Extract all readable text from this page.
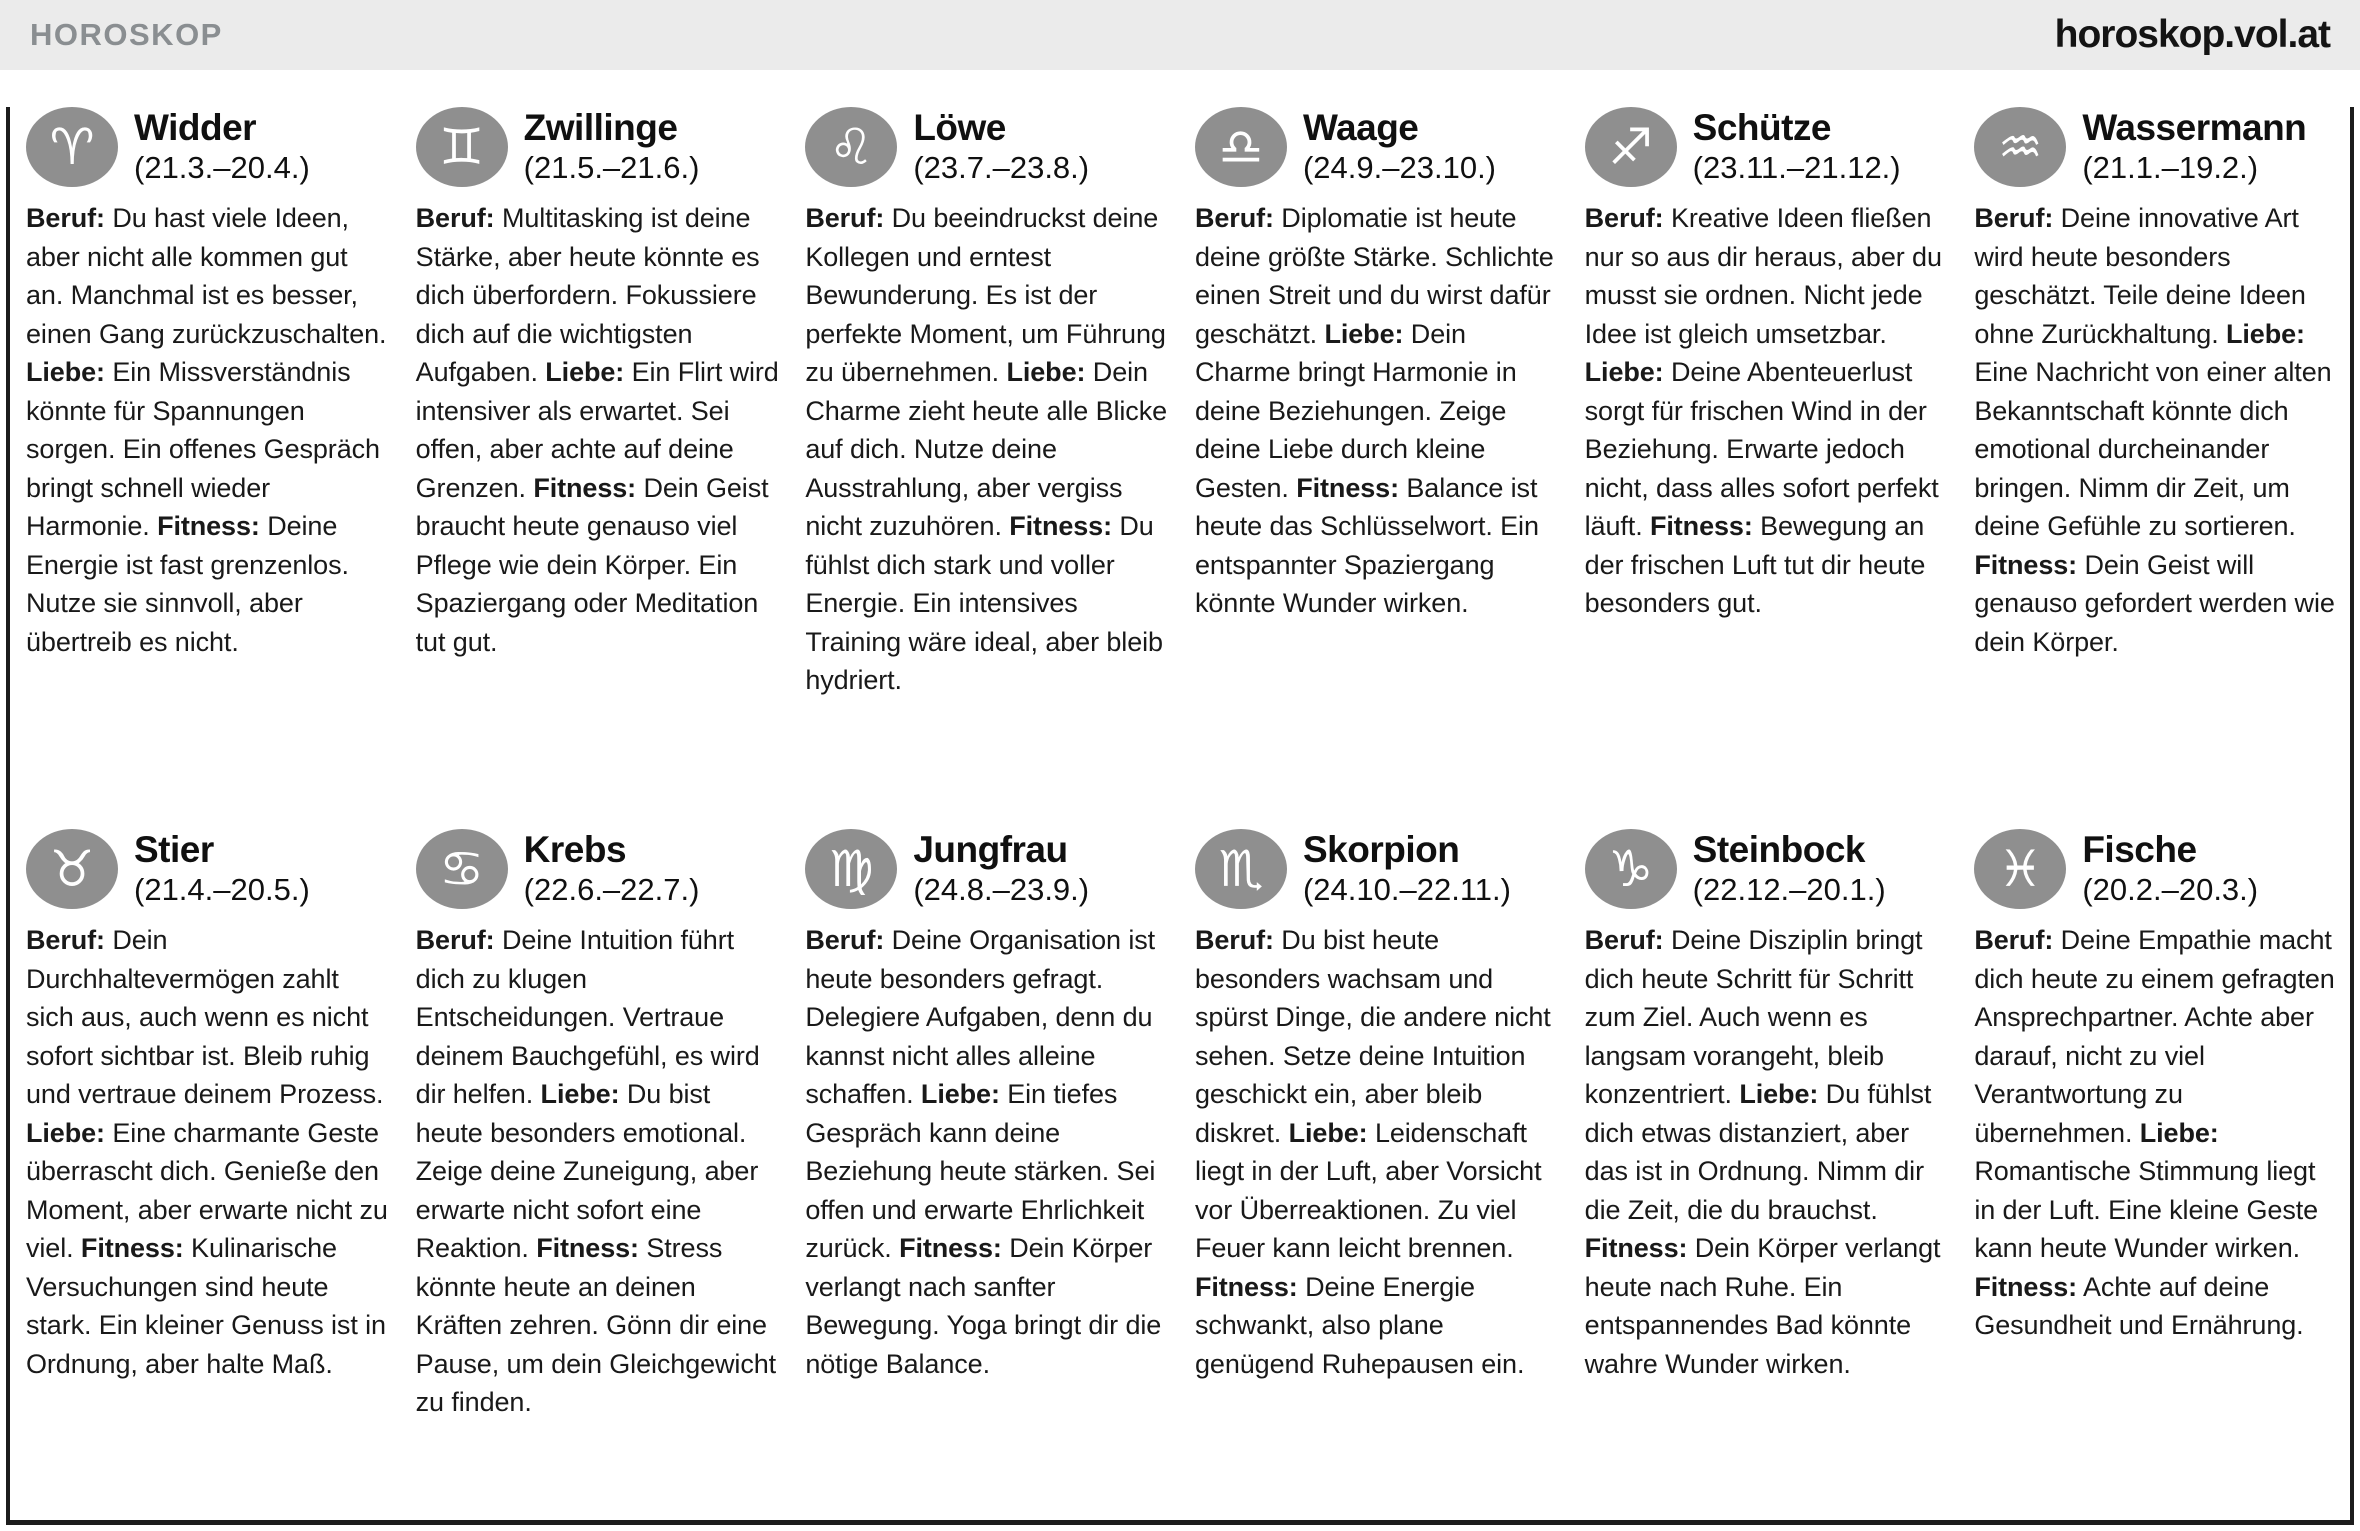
HOROSKOP	horoskop.vol.at
♈ Widder
(21.3.–20.4.)

Beruf: Du hast viele Ideen, aber nicht alle kommen gut an. Manchmal ist es besser, einen Gang zurückzuschalten. Liebe: Ein Missverständnis könnte für Spannungen sorgen. Ein offenes Gespräch bringt schnell wieder Harmonie. Fitness: Deine Energie ist fast grenzenlos. Nutze sie sinnvoll, aber übertreib es nicht.

♊ Zwillinge
(21.5.–21.6.)

Beruf: Multitasking ist deine Stärke, aber heute könnte es dich überfordern. Fokussiere dich auf die wichtigsten Aufgaben. Liebe: Ein Flirt wird intensiver als erwartet. Sei offen, aber achte auf deine Grenzen. Fitness: Dein Geist braucht heute genauso viel Pflege wie dein Körper. Ein Spaziergang oder Meditation tut gut.

♌ Löwe
(23.7.–23.8.)

Beruf: Du beeindruckst deine Kollegen und erntest Bewunderung. Es ist der perfekte Moment, um Führung zu übernehmen. Liebe: Dein Charme zieht heute alle Blicke auf dich. Nutze deine Ausstrahlung, aber vergiss nicht zuzuhören. Fitness: Du fühlst dich stark und voller Energie. Ein intensives Training wäre ideal, aber bleib hydriert.

♎ Waage
(24.9.–23.10.)

Beruf: Diplomatie ist heute deine größte Stärke. Schlichte einen Streit und du wirst dafür geschätzt. Liebe: Dein Charme bringt Harmonie in deine Beziehungen. Zeige deine Liebe durch kleine Gesten. Fitness: Balance ist heute das Schlüsselwort. Ein entspannter Spaziergang könnte Wunder wirken.

♐ Schütze
(23.11.–21.12.)

Beruf: Kreative Ideen fließen nur so aus dir heraus, aber du musst sie ordnen. Nicht jede Idee ist gleich umsetzbar. Liebe: Deine Abenteuerlust sorgt für frischen Wind in der Beziehung. Erwarte jedoch nicht, dass alles sofort perfekt läuft. Fitness: Bewegung an der frischen Luft tut dir heute besonders gut.

♒ Wassermann
(21.1.–19.2.)

Beruf: Deine innovative Art wird heute besonders geschätzt. Teile deine Ideen ohne Zurückhaltung. Liebe: Eine Nachricht von einer alten Bekanntschaft könnte dich emotional durcheinander bringen. Nimm dir Zeit, um deine Gefühle zu sortieren. Fitness: Dein Geist will genauso gefordert werden wie dein Körper.

♉ Stier
(21.4.–20.5.)

Beruf: Dein Durchhaltevermögen zahlt sich aus, auch wenn es nicht sofort sichtbar ist. Bleib ruhig und vertraue deinem Prozess. Liebe: Eine charmante Geste überrascht dich. Genieße den Moment, aber erwarte nicht zu viel. Fitness: Kulinarische Versuchungen sind heute stark. Ein kleiner Genuss ist in Ordnung, aber halte Maß.

♋ Krebs
(22.6.–22.7.)

Beruf: Deine Intuition führt dich zu klugen Entscheidungen. Vertraue deinem Bauchgefühl, es wird dir helfen. Liebe: Du bist heute besonders emotional. Zeige deine Zuneigung, aber erwarte nicht sofort eine Reaktion. Fitness: Stress könnte heute an deinen Kräften zehren. Gönn dir eine Pause, um dein Gleichgewicht zu finden.

♍ Jungfrau
(24.8.–23.9.)

Beruf: Deine Organisation ist heute besonders gefragt. Delegiere Aufgaben, denn du kannst nicht alles alleine schaffen. Liebe: Ein tiefes Gespräch kann deine Beziehung heute stärken. Sei offen und erwarte Ehrlichkeit zurück. Fitness: Dein Körper verlangt nach sanfter Bewegung. Yoga bringt dir die nötige Balance.

♏ Skorpion
(24.10.–22.11.)

Beruf: Du bist heute besonders wachsam und spürst Dinge, die andere nicht sehen. Setze deine Intuition geschickt ein, aber bleib diskret. Liebe: Leidenschaft liegt in der Luft, aber Vorsicht vor Überreaktionen. Zu viel Feuer kann leicht brennen. Fitness: Deine Energie schwankt, also plane genügend Ruhepausen ein.

♑ Steinbock
(22.12.–20.1.)

Beruf: Deine Disziplin bringt dich heute Schritt für Schritt zum Ziel. Auch wenn es langsam vorangeht, bleib konzentriert. Liebe: Du fühlst dich etwas distanziert, aber das ist in Ordnung. Nimm dir die Zeit, die du brauchst. Fitness: Dein Körper verlangt heute nach Ruhe. Ein entspannendes Bad könnte wahre Wunder wirken.

♓ Fische
(20.2.–20.3.)

Beruf: Deine Empathie macht dich heute zu einem gefragten Ansprechpartner. Achte aber darauf, nicht zu viel Verantwortung zu übernehmen. Liebe: Romantische Stimmung liegt in der Luft. Eine kleine Geste kann heute Wunder wirken. Fitness: Achte auf deine Gesundheit und Ernährung.
